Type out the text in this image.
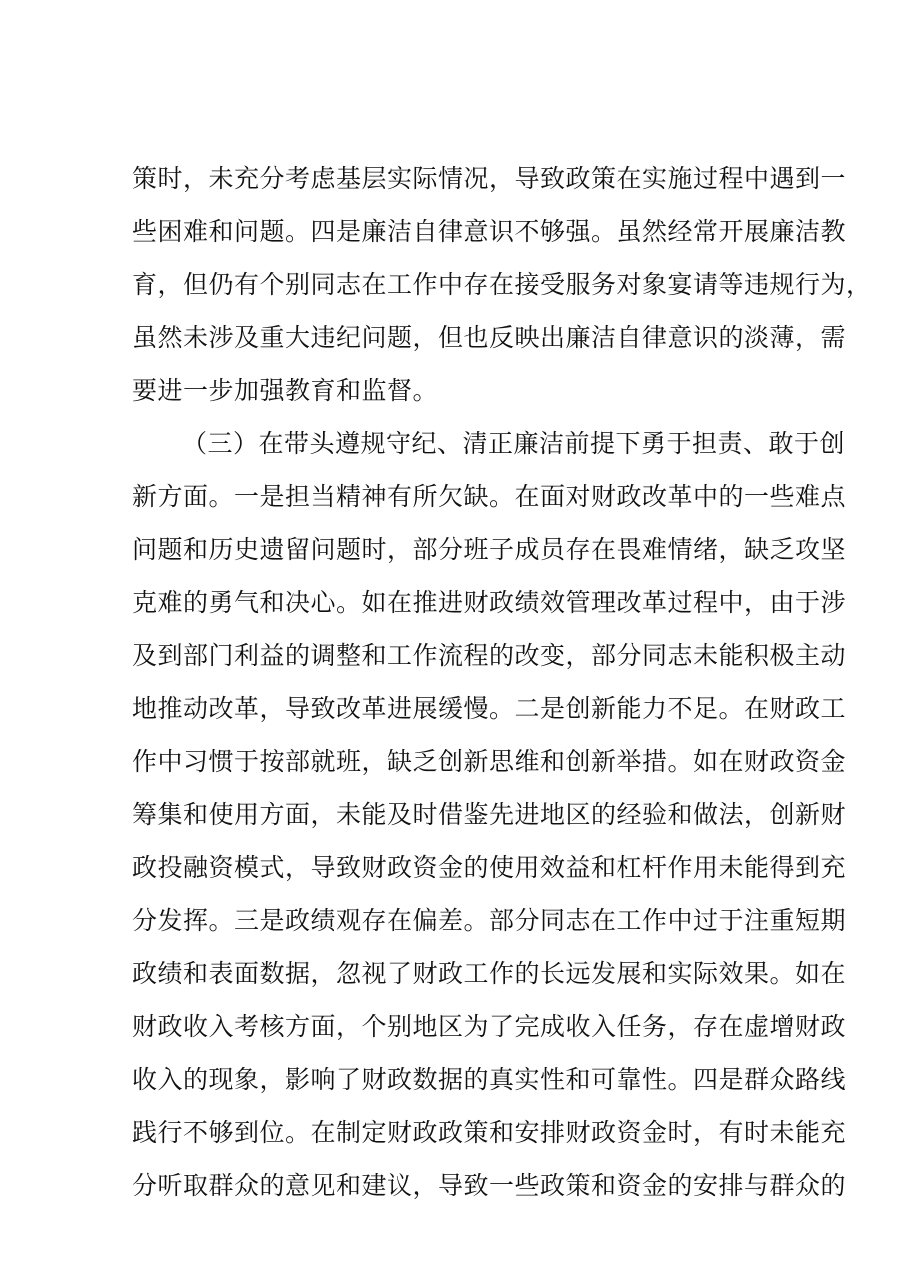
策时，未充分考虑基层实际情况，导致政策在实施过程中遇到一
些困难和问题。四是廉洁自律意识不够强。虽然经常开展廉洁教
育，但仍有个别同志在工作中存在接受服务对象宴请等违规行为，
虽然未涉及重大违纪问题，但也反映出廉洁自律意识的淡薄，需
要进一步加强教育和监督。
（三）在带头遵规守纪、清正廉洁前提下勇于担责、敢于创
新方面。一是担当精神有所欠缺。在面对财政改革中的一些难点
问题和历史遗留问题时，部分班子成员存在畏难情绪，缺乏攻坚
克难的勇气和决心。如在推进财政绩效管理改革过程中，由于涉
及到部门利益的调整和工作流程的改变，部分同志未能积极主动
地推动改革，导致改革进展缓慢。二是创新能力不足。在财政工
作中习惯于按部就班，缺乏创新思维和创新举措。如在财政资金
筹集和使用方面，未能及时借鉴先进地区的经验和做法，创新财
政投融资模式，导致财政资金的使用效益和杠杆作用未能得到充
分发挥。三是政绩观存在偏差。部分同志在工作中过于注重短期
政绩和表面数据，忽视了财政工作的长远发展和实际效果。如在
财政收入考核方面，个别地区为了完成收入任务，存在虚增财政
收入的现象，影响了财政数据的真实性和可靠性。四是群众路线
践行不够到位。在制定财政政策和安排财政资金时，有时未能充
分听取群众的意见和建议，导致一些政策和资金的安排与群众的
